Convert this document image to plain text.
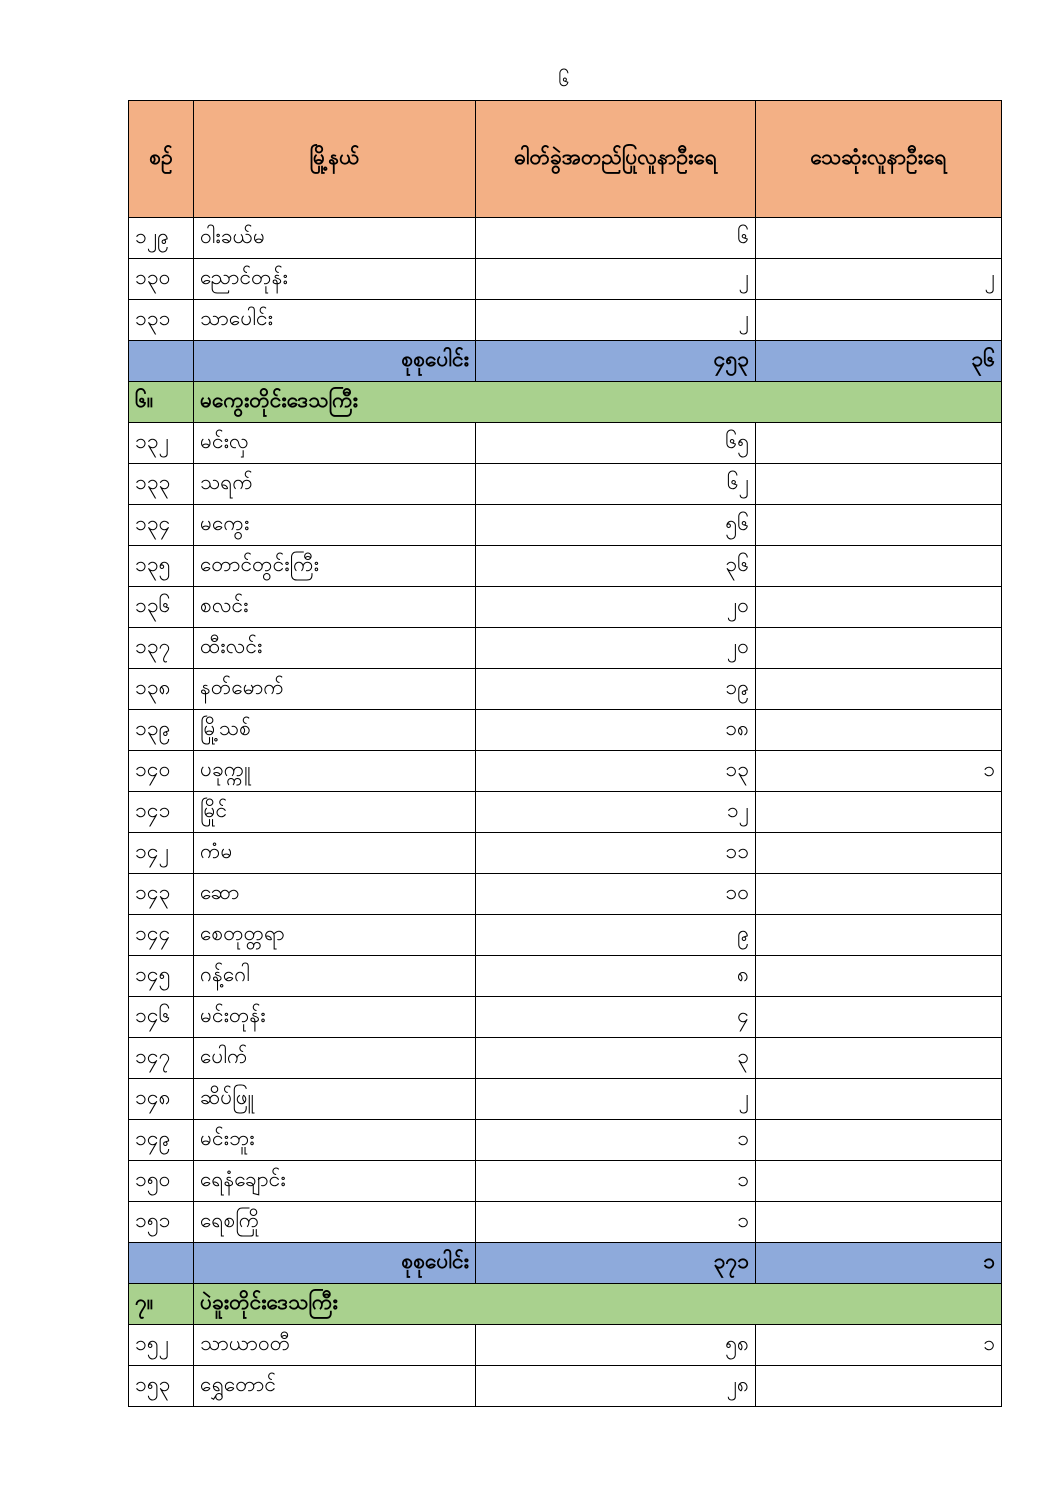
၆
စဉ်	မြို့နယ်	ဓါတ်ခွဲအတည်ပြုလူနာဦးရေ	သေဆုံးလူနာဦးရေ
၁၂၉	ဝါးခယ်မ	၆	
၁၃၀	ညောင်တုန်း	၂	၂
၁၃၁	သာပေါင်း	၂	
	စုစုပေါင်း	၄၅၃	၃၆
၆။	မကွေးတိုင်းဒေသကြီး		
၁၃၂	မင်းလှ	၆၅	
၁၃၃	သရက်	၆၂	
၁၃၄	မကွေး	၅၆	
၁၃၅	တောင်တွင်းကြီး	၃၆	
၁၃၆	စလင်း	၂၀	
၁၃၇	ထီးလင်း	၂၀	
၁၃၈	နတ်မောက်	၁၉	
၁၃၉	မြို့သစ်	၁၈	
၁၄၀	ပခုက္ကူ	၁၃	၁
၁၄၁	မြိုင်	၁၂	
၁၄၂	ကံမ	၁၁	
၁၄၃	ဆော	၁၀	
၁၄၄	စေတုတ္တရာ	၉	
၁၄၅	ဂန့်ဂေါ	၈	
၁၄၆	မင်းတုန်း	၄	
၁၄၇	ပေါက်	၃	
၁၄၈	ဆိပ်ဖြူ	၂	
၁၄၉	မင်းဘူး	၁	
၁၅၀	ရေနံချောင်း	၁	
၁၅၁	ရေစကြို	၁	
	စုစုပေါင်း	၃၇၁	၁
၇။	ပဲခူးတိုင်းဒေသကြီး		
၁၅၂	သာယာဝတီ	၅၈	၁
၁၅၃	ရွှေတောင်	၂၈	
